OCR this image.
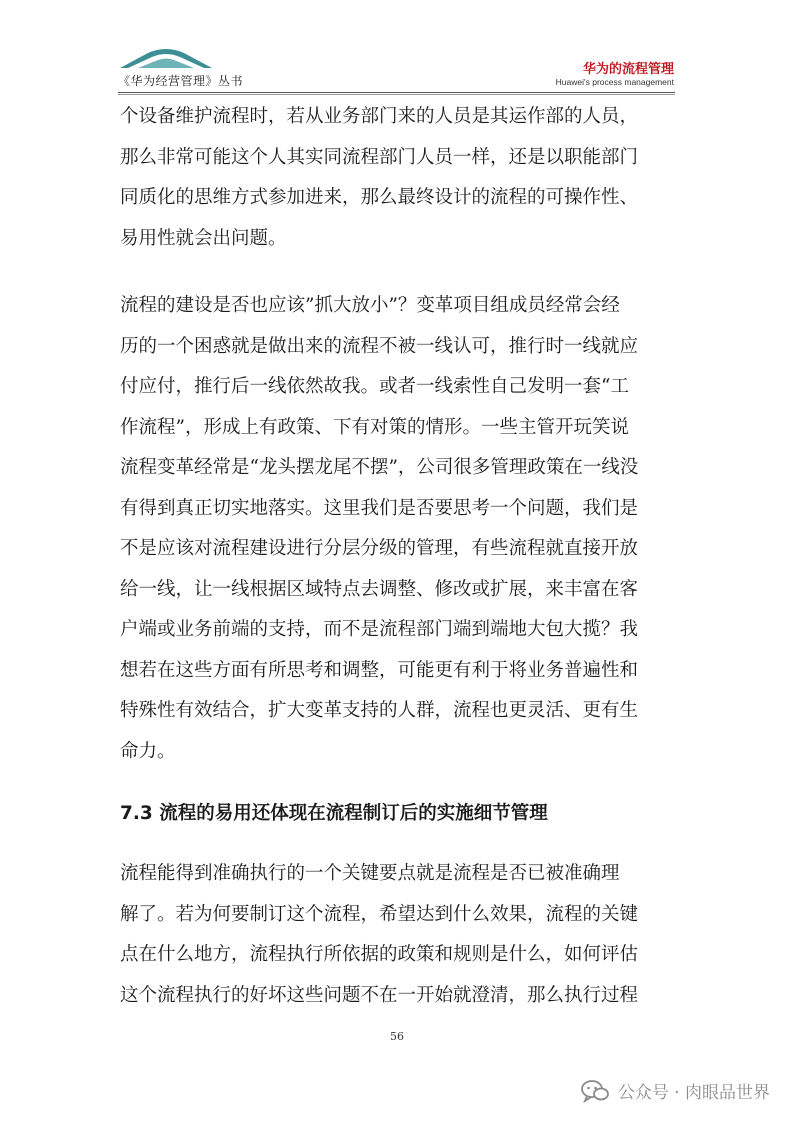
《华为经营管理》丛书
华为的流程管理
Huawei's process management

个设备维护流程时，若从业务部门来的人员是其运作部的人员，

那么非常可能这个人其实同流程部门人员一样，还是以职能部门

同质化的思维方式参加进来，那么最终设计的流程的可操作性、

易用性就会出问题。

流程的建设是否也应该”抓大放小”？变革项目组成员经常会经

历的一个困惑就是做出来的流程不被一线认可，推行时一线就应

付应付，推行后一线依然故我。或者一线索性自己发明一套“工

作流程”，形成上有政策、下有对策的情形。一些主管开玩笑说

流程变革经常是“龙头摆龙尾不摆”，公司很多管理政策在一线没

有得到真正切实地落实。这里我们是否要思考一个问题，我们是

不是应该对流程建设进行分层分级的管理，有些流程就直接开放

给一线，让一线根据区域特点去调整、修改或扩展，来丰富在客

户端或业务前端的支持，而不是流程部门端到端地大包大揽？我

想若在这些方面有所思考和调整，可能更有利于将业务普遍性和

特殊性有效结合，扩大变革支持的人群，流程也更灵活、更有生

命力。

7.3 流程的易用还体现在流程制订后的实施细节管理

流程能得到准确执行的一个关键要点就是流程是否已被准确理

解了。若为何要制订这个流程，希望达到什么效果，流程的关键

点在什么地方，流程执行所依据的政策和规则是什么，如何评估

这个流程执行的好坏这些问题不在一开始就澄清，那么执行过程

56
公众号 · 肉眼品世界
